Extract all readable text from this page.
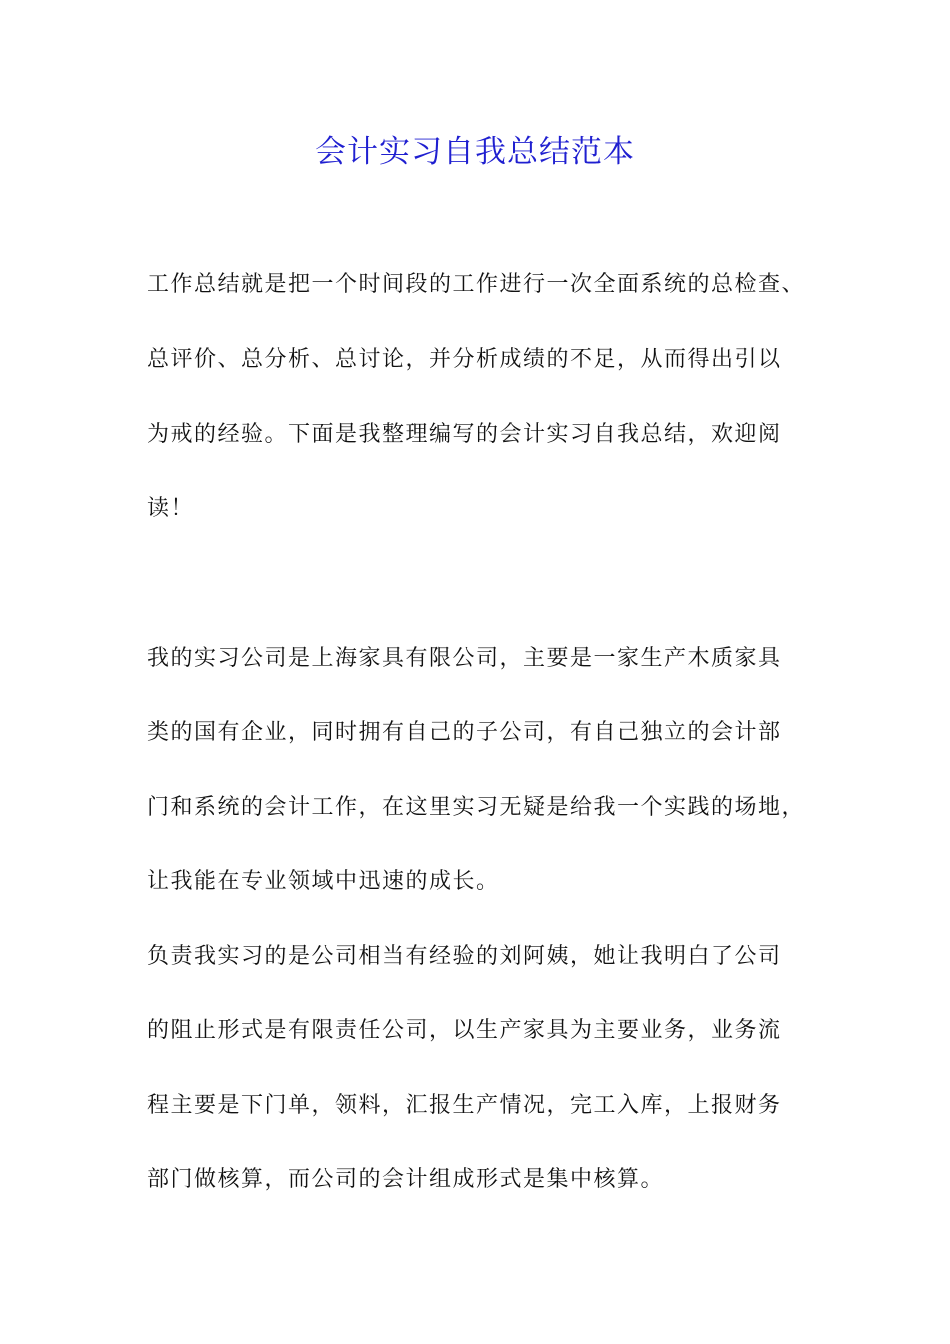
会计实习自我总结范本
工作总结就是把一个时间段的工作进行一次全面系统的总检查、
总评价、总分析、总讨论，并分析成绩的不足，从而得出引以
为戒的经验。下面是我整理编写的会计实习自我总结，欢迎阅
读！
我的实习公司是上海家具有限公司，主要是一家生产木质家具
类的国有企业，同时拥有自己的子公司，有自己独立的会计部
门和系统的会计工作，在这里实习无疑是给我一个实践的场地，
让我能在专业领域中迅速的成长。
负责我实习的是公司相当有经验的刘阿姨，她让我明白了公司
的阻止形式是有限责任公司，以生产家具为主要业务，业务流
程主要是下门单，领料，汇报生产情况，完工入库，上报财务
部门做核算，而公司的会计组成形式是集中核算。
